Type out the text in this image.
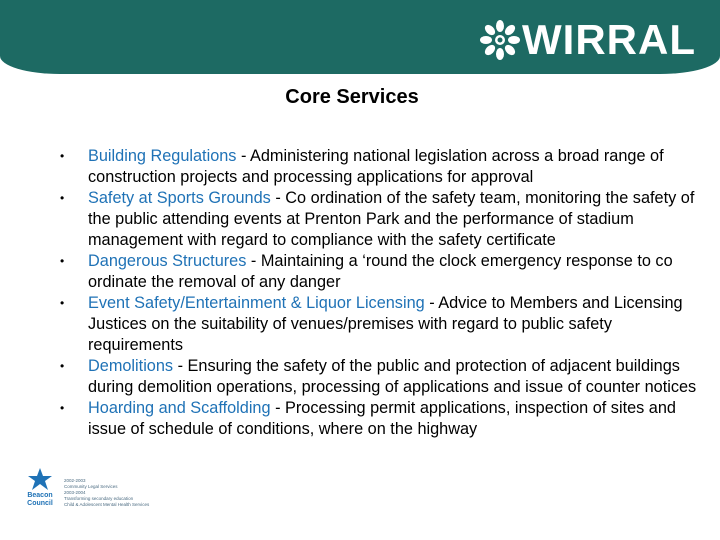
WIRRAL
Core Services
• Building Regulations - Administering national legislation across a broad range of construction projects and processing applications for approval
• Safety at Sports Grounds - Co ordination of the safety team, monitoring the safety of the public attending events at Prenton Park and the performance of stadium management with regard to compliance with the safety certificate
• Dangerous Structures - Maintaining a ‘round the clock emergency response to co ordinate the removal of any danger
• Event Safety/Entertainment & Liquor Licensing - Advice to Members and Licensing Justices on the suitability of venues/premises with regard to public safety requirements
• Demolitions - Ensuring the safety of the public and protection of adjacent buildings during demolition operations, processing of applications and issue of counter notices
• Hoarding and Scaffolding - Processing permit applications, inspection of sites and issue of schedule of conditions, where on the highway
Beacon
Council
2002-2003
Community Legal Services
2003-2004
Transforming secondary education
Child & Adolescent Mental Health Services
